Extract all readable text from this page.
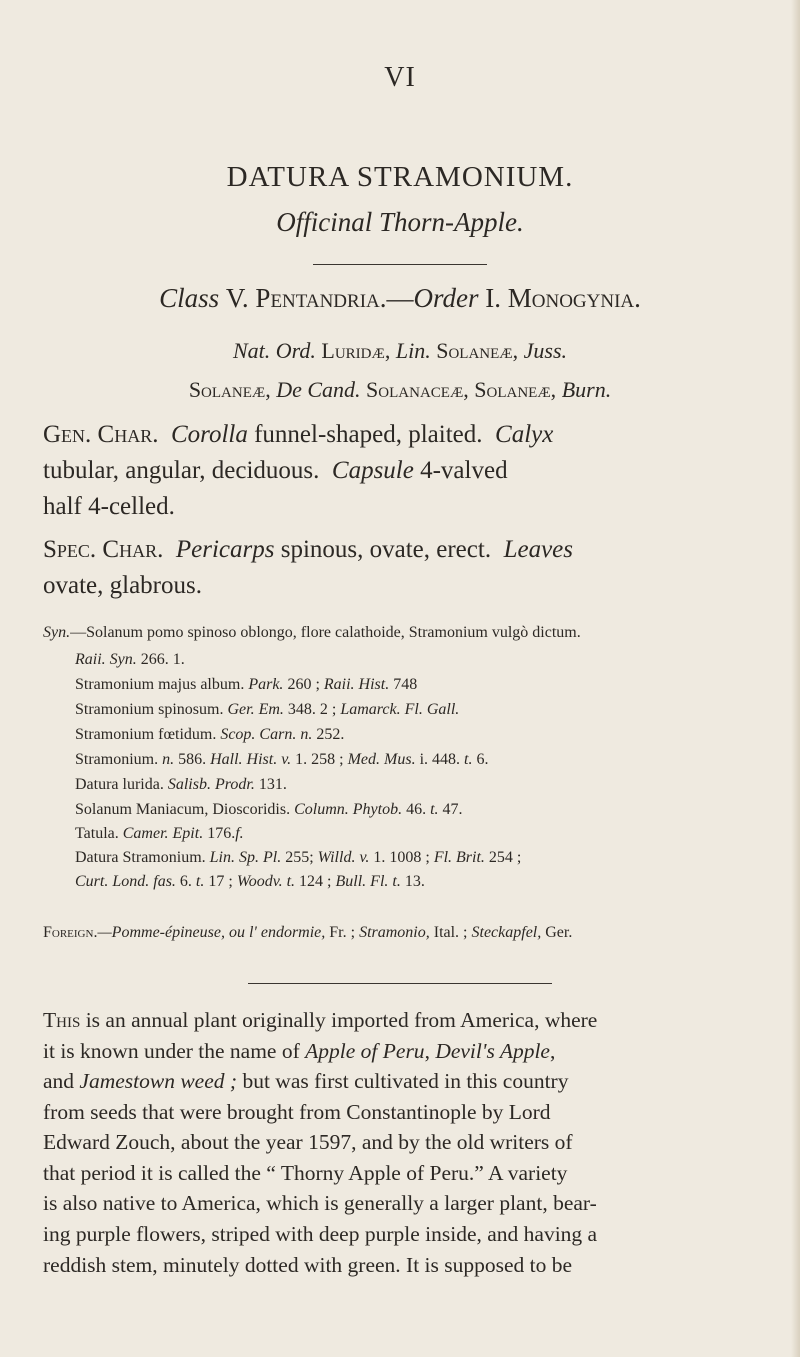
VI
DATURA STRAMONIUM.
Officinal Thorn-Apple.
Class V. Pentandria.—Order I. Monogynia.
Nat. Ord. Luridæ, Lin. Solaneæ, Juss.
Solaneæ, De Cand. Solanaceæ, Solaneæ, Burn.
Gen. Char. Corolla funnel-shaped, plaited. Calyx
tubular, angular, deciduous. Capsule 4-valved
half 4-celled.
Spec. Char. Pericarps spinous, ovate, erect. Leaves
ovate, glabrous.
Syn.—Solanum pomo spinoso oblongo, flore calathoide, Stramonium vulgò dictum.
Raii. Syn. 266. 1.
Stramonium majus album. Park. 260 ; Raii. Hist. 748
Stramonium spinosum. Ger. Em. 348. 2 ; Lamarck. Fl. Gall.
Stramonium fœtidum. Scop. Carn. n. 252.
Stramonium. n. 586. Hall. Hist. v. 1. 258 ; Med. Mus. i. 448. t. 6.
Datura lurida. Salisb. Prodr. 131.
Solanum Maniacum, Dioscoridis. Column. Phytob. 46. t. 47.
Tatula. Camer. Epit. 176.f.
Datura Stramonium. Lin. Sp. Pl. 255; Willd. v. 1. 1008 ; Fl. Brit. 254 ;
Curt. Lond. fas. 6. t. 17 ; Woodv. t. 124 ; Bull. Fl. t. 13.
Foreign.—Pomme-épineuse, ou l' endormie, Fr. ; Stramonio, Ital. ; Steckapfel, Ger.
This is an annual plant originally imported from America, where
it is known under the name of Apple of Peru, Devil's Apple,
and Jamestown weed ; but was first cultivated in this country
from seeds that were brought from Constantinople by Lord
Edward Zouch, about the year 1597, and by the old writers of
that period it is called the “ Thorny Apple of Peru.” A variety
is also native to America, which is generally a larger plant, bear-
ing purple flowers, striped with deep purple inside, and having a
reddish stem, minutely dotted with green. It is supposed to be
